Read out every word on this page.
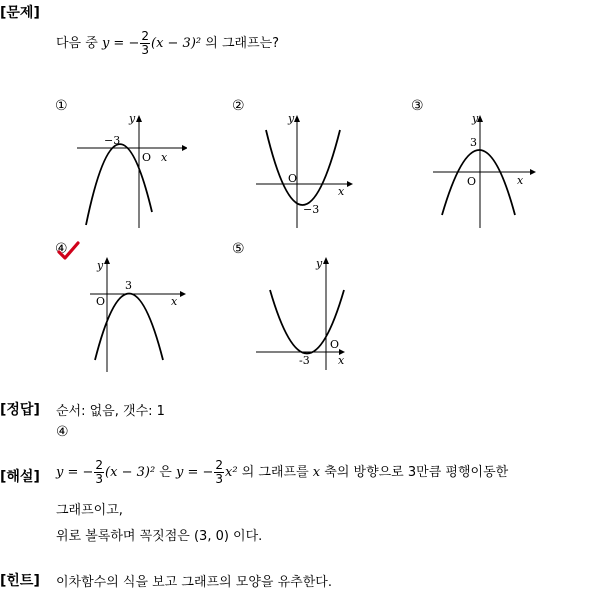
[문제]
다음 중 y = − $\frac{2}{3} (x - 3)^2$ 의 그래프는?
①
−3
O x
y
②
O
−3
x
y
③
3
O	x
y
④
O
3
x
y
⑤
O
-3	x
y
[정답] 순서: 없음, 갯수: 1
④
[해설] y = − $\frac{2}{3} (x - 3)^2$ 은 y = − $\frac{2}{3} x^2$ 의 그래프를 x 축의 방향으로 3만큼 평행이동한
그래프이고,
위로 볼록하며 꼭짓점은 (3, 0) 이다.
[힌트] 이차함수의 식을 보고 그래프의 모양을 유추한다.
